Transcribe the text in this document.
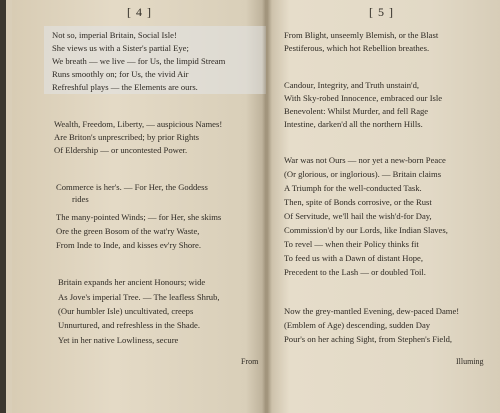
[ 4 ]
Not so, imperial Britain, Social Isle!
She views us with a Sister's partial Eye;
We breath — we live — for Us, the limpid Stream
Runs smoothly on; for Us, the vivid Air
Refreshful plays — the Elements are ours.
Wealth, Freedom, Liberty, — auspicious Names!
Are Briton's unprescribed; by prior Rights
Of Eldership — or uncontested Power.
Commerce is her's. — For Her, the Goddess
rides
The many-pointed Winds; — for Her, she skims
Ore the green Bosom of the wat'ry Waste,
From Inde to Inde, and kisses ev'ry Shore.
Britain expands her ancient Honours; wide
As Jove's imperial Tree. — The leafless Shrub,
(Our humbler Isle) uncultivated, creeps
Unnurtured, and refreshless in the Shade.
Yet in her native Lowliness, secure
From
[ 5 ]
From Blight, unseemly Blemish, or the Blast
Pestiferous, which hot Rebellion breathes.
Candour, Integrity, and Truth unstain'd,
With Sky-robed Innocence, embraced our Isle
Benevolent: Whilst Murder, and fell Rage
Intestine, darken'd all the northern Hills.
War was not Ours — nor yet a new-born Peace
(Or glorious, or inglorious). — Britain claims
A Triumph for the well-conducted Task.
Then, spite of Bonds corrosive, or the Rust
Of Servitude, we'll hail the wish'd-for Day,
Commission'd by our Lords, like Indian Slaves,
To revel — when their Policy thinks fit
To feed us with a Dawn of distant Hope,
Precedent to the Lash — or doubled Toil.
Now the grey-mantled Evening, dew-paced Dame!
(Emblem of Age) descending, sudden Day
Pour's on her aching Sight, from Stephen's Field,
Illuming
